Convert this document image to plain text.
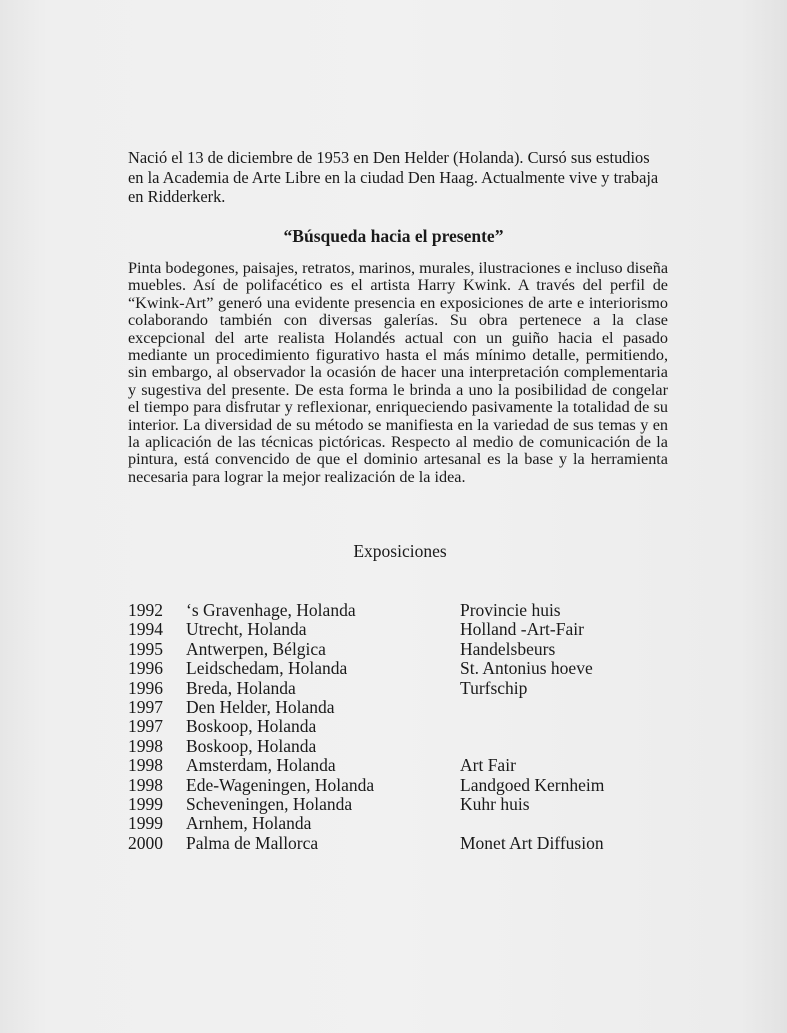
Nació el 13 de diciembre de 1953 en Den Helder (Holanda). Cursó sus estudios en la Academia de Arte Libre en la ciudad Den Haag. Actualmente vive y trabaja en Ridderkerk.
“Búsqueda hacia el presente”

Pinta bodegones, paisajes, retratos, marinos, murales, ilustraciones e incluso diseña muebles. Así de polifacético es el artista Harry Kwink. A través del perfil de “Kwink-Art” generó una evidente presencia en exposiciones de arte e interiorismo colaborando también con diversas galerías. Su obra pertenece a la clase excepcional del arte realista Holandés actual con un guiño hacia el pasado mediante un procedimiento figurativo hasta el más mínimo detalle, permitiendo, sin embargo, al observador la ocasión de hacer una interpretación complementaria y sugestiva del presente. De esta forma le brinda a uno la posibilidad de congelar el tiempo para disfrutar y reflexionar, enriqueciendo pasivamente la totalidad de su interior. La diversidad de su método se manifiesta en la variedad de sus temas y en la aplicación de las técnicas pictóricas. Respecto al medio de comunicación de la pintura, está convencido de que el dominio artesanal es la base y la herramienta necesaria para lograr la mejor realización de la idea.

Exposiciones
1992	‘s Gravenhage, Holanda	Provincie huis
1994	Utrecht, Holanda	Holland -Art-Fair
1995	Antwerpen, Bélgica	Handelsbeurs
1996	Leidschedam, Holanda	St. Antonius hoeve
1996	Breda, Holanda	Turfschip
1997	Den Helder, Holanda
1997	Boskoop, Holanda
1998	Boskoop, Holanda
1998	Amsterdam, Holanda	Art Fair
1998	Ede-Wageningen, Holanda	Landgoed Kernheim
1999	Scheveningen, Holanda	Kuhr huis
1999	Arnhem, Holanda
2000	Palma de Mallorca	Monet Art Diffusion
